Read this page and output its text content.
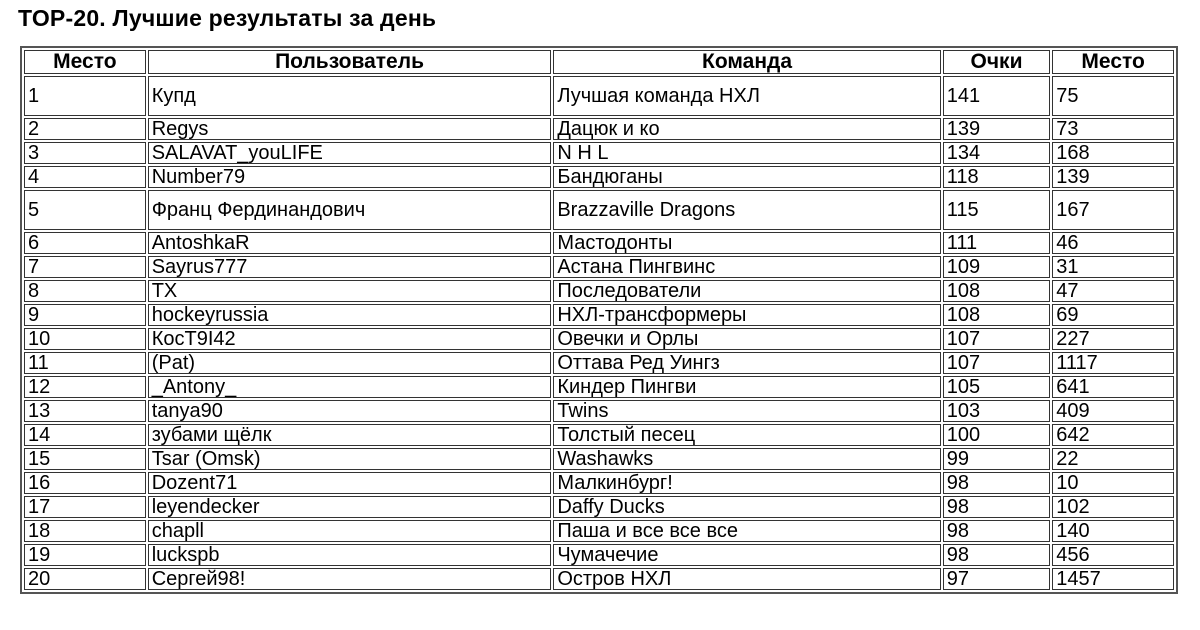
TOP-20. Лучшие результаты за день
Место	Пользователь	Команда	Очки	Место
1	Купд	Лучшая команда НХЛ	141	75
2	Regys	Дацюк и ко	139	73
3	SALAVAT_youLIFE	N H L	134	168
4	Number79	Бандюганы	118	139
5	Франц Фердинандович	Brazzaville Dragons	115	167
6	AntoshkaR	Мастодонты	111	46
7	Sayrus777	Астана Пингвинс	109	31
8	TX	Последователи	108	47
9	hockeyrussia	НХЛ-трансформеры	108	69
10	КосТ9I42	Овечки и Орлы	107	227
11	(Pat)	Оттава Ред Уингз	107	1117
12	_Antony_	Киндер Пингви	105	641
13	tanya90	Twins	103	409
14	зубами щёлк	Толстый песец	100	642
15	Tsar (Omsk)	Washawks	99	22
16	Dozent71	Малкинбург!	98	10
17	leyendecker	Daffy Ducks	98	102
18	chapll	Паша и все все все	98	140
19	luckspb	Чумачечие	98	456
20	Сергей98!	Остров НХЛ	97	1457
